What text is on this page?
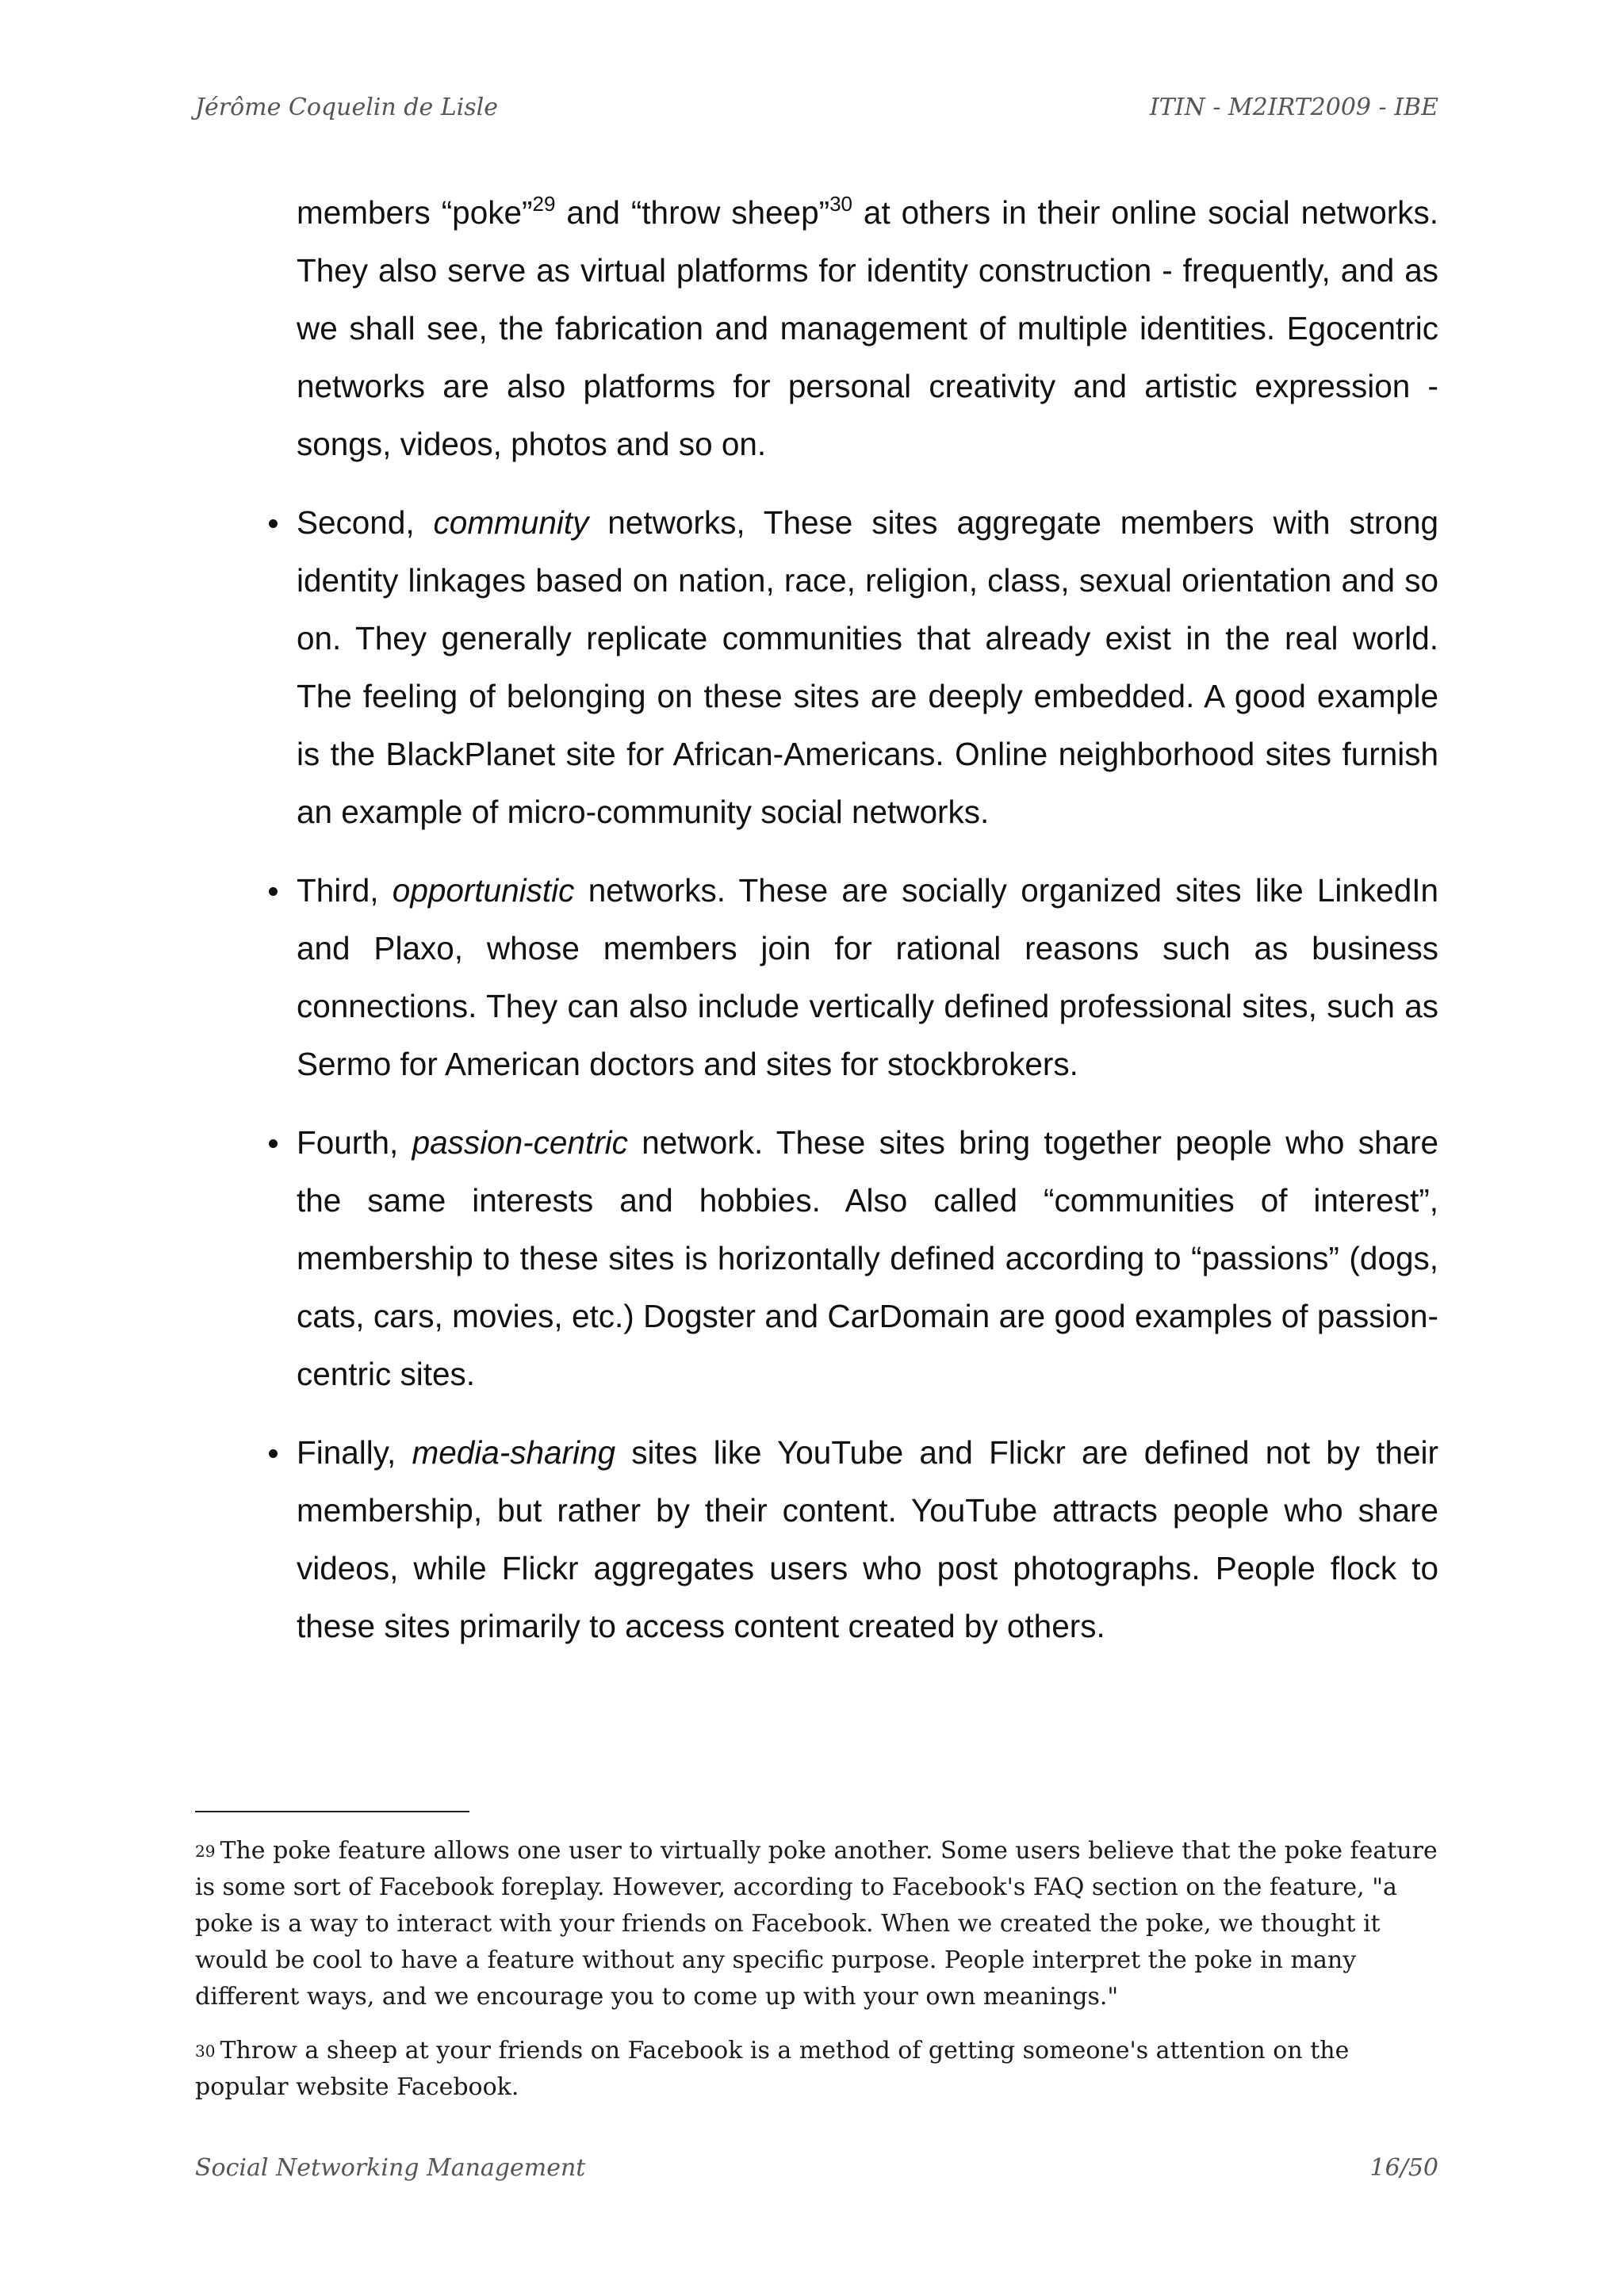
Jérôme Coquelin de Lisle	ITIN - M2IRT2009 - IBE

members “poke”$^{29}$ and “throw sheep”$^{30}$ at others in their online social networks. They also serve as virtual platforms for identity construction - frequently, and as we shall see, the fabrication and management of multiple identities. Egocentric networks are also platforms for personal creativity and artistic expression - songs, videos, photos and so on.

Second, community networks, These sites aggregate members with strong identity linkages based on nation, race, religion, class, sexual orientation and so on. They generally replicate communities that already exist in the real world. The feeling of belonging on these sites are deeply embedded. A good example is the BlackPlanet site for African-Americans. Online neighborhood sites furnish an example of micro-community social networks.
Third, opportunistic networks. These are socially organized sites like LinkedIn and Plaxo, whose members join for rational reasons such as business connections. They can also include vertically defined professional sites, such as Sermo for American doctors and sites for stockbrokers.
Fourth, passion-centric network. These sites bring together people who share the same interests and hobbies. Also called “communities of interest”, membership to these sites is horizontally defined according to “passions” (dogs, cats, cars, movies, etc.) Dogster and CarDomain are good examples of passion-centric sites.
Finally, media-sharing sites like YouTube and Flickr are defined not by their membership, but rather by their content. YouTube attracts people who share videos, while Flickr aggregates users who post photographs. People flock to these sites primarily to access content created by others.

29 The poke feature allows one user to virtually poke another. Some users believe that the poke feature is some sort of Facebook foreplay. However, according to Facebook's FAQ section on the feature, "a poke is a way to interact with your friends on Facebook. When we created the poke, we thought it would be cool to have a feature without any specific purpose. People interpret the poke in many different ways, and we encourage you to come up with your own meanings."

30 Throw a sheep at your friends on Facebook is a method of getting someone's attention on the popular website Facebook.

Social Networking Management	16/50
